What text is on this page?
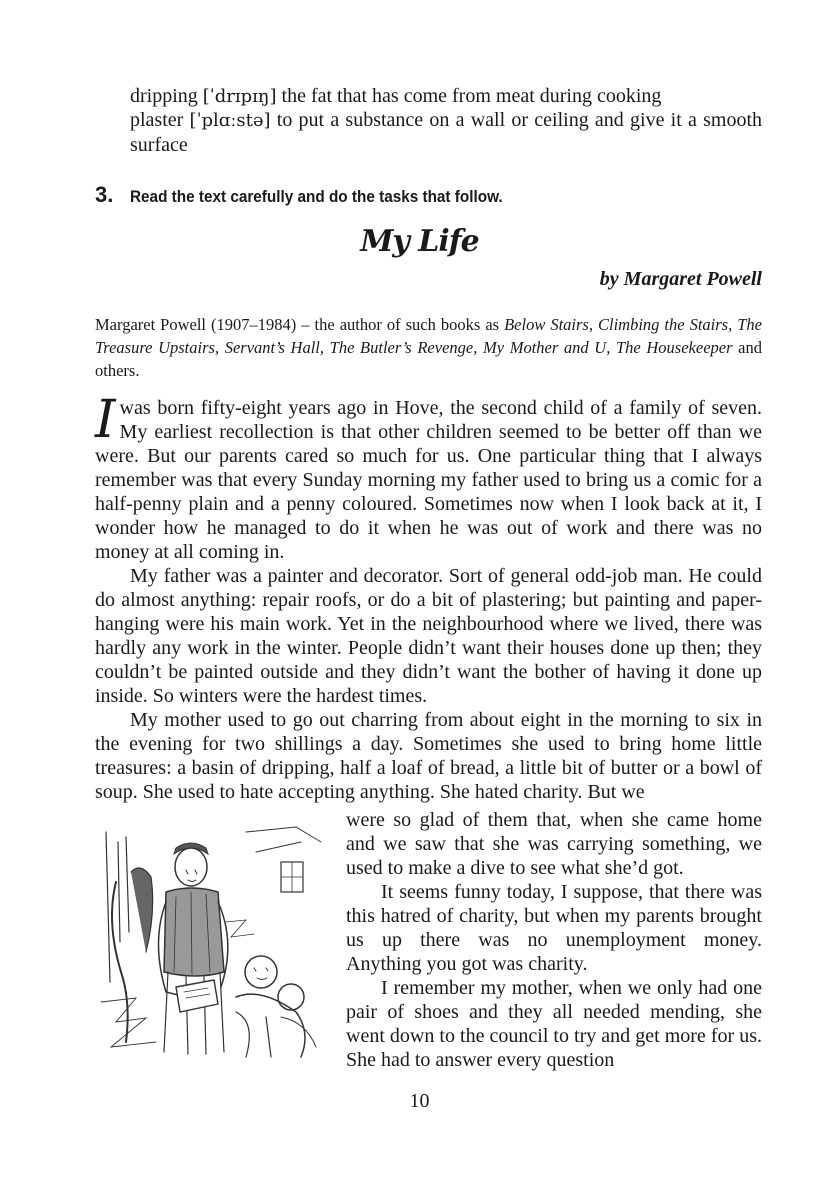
dripping [ˈdrɪpɪŋ] the fat that has come from meat during cooking
plaster [ˈplɑːstə] to put a substance on a wall or ceiling and give it a smooth surface
3. Read the text carefully and do the tasks that follow.
My Life
by Margaret Powell
Margaret Powell (1907–1984) – the author of such books as Below Stairs, Climbing the Stairs, The Treasure Upstairs, Servant’s Hall, The Butler’s Revenge, My Mother and U, The Housekeeper and others.

Iwas born fifty-eight years ago in Hove, the second child of a family of seven. My earliest recollection is that other children seemed to be better off than we were. But our parents cared so much for us. One particular thing that I always remember was that every Sunday morning my father used to bring us a comic for a half-penny plain and a penny coloured. Sometimes now when I look back at it, I wonder how he managed to do it when he was out of work and there was no money at all coming in.

My father was a painter and decorator. Sort of general odd-job man. He could do almost anything: repair roofs, or do a bit of plastering; but painting and paper-hanging were his main work. Yet in the neighbourhood where we lived, there was hardly any work in the winter. People didn’t want their houses done up then; they couldn’t be painted outside and they didn’t want the bother of having it done up inside. So winters were the hardest times.

My mother used to go out charring from about eight in the morning to six in the evening for two shillings a day. Sometimes she used to bring home little treasures: a basin of dripping, half a loaf of bread, a little bit of butter or a bowl of soup. She used to hate accepting anything. She hated charity. But we

were so glad of them that, when she came home and we saw that she was carrying something, we used to make a dive to see what she’d got.

It seems funny today, I suppose, that there was this hatred of charity, but when my parents brought us up there was no unemployment money. Anything you got was charity.

I remember my mother, when we only had one pair of shoes and they all needed mending, she went down to the council to try and get more for us. She had to answer every question

10
